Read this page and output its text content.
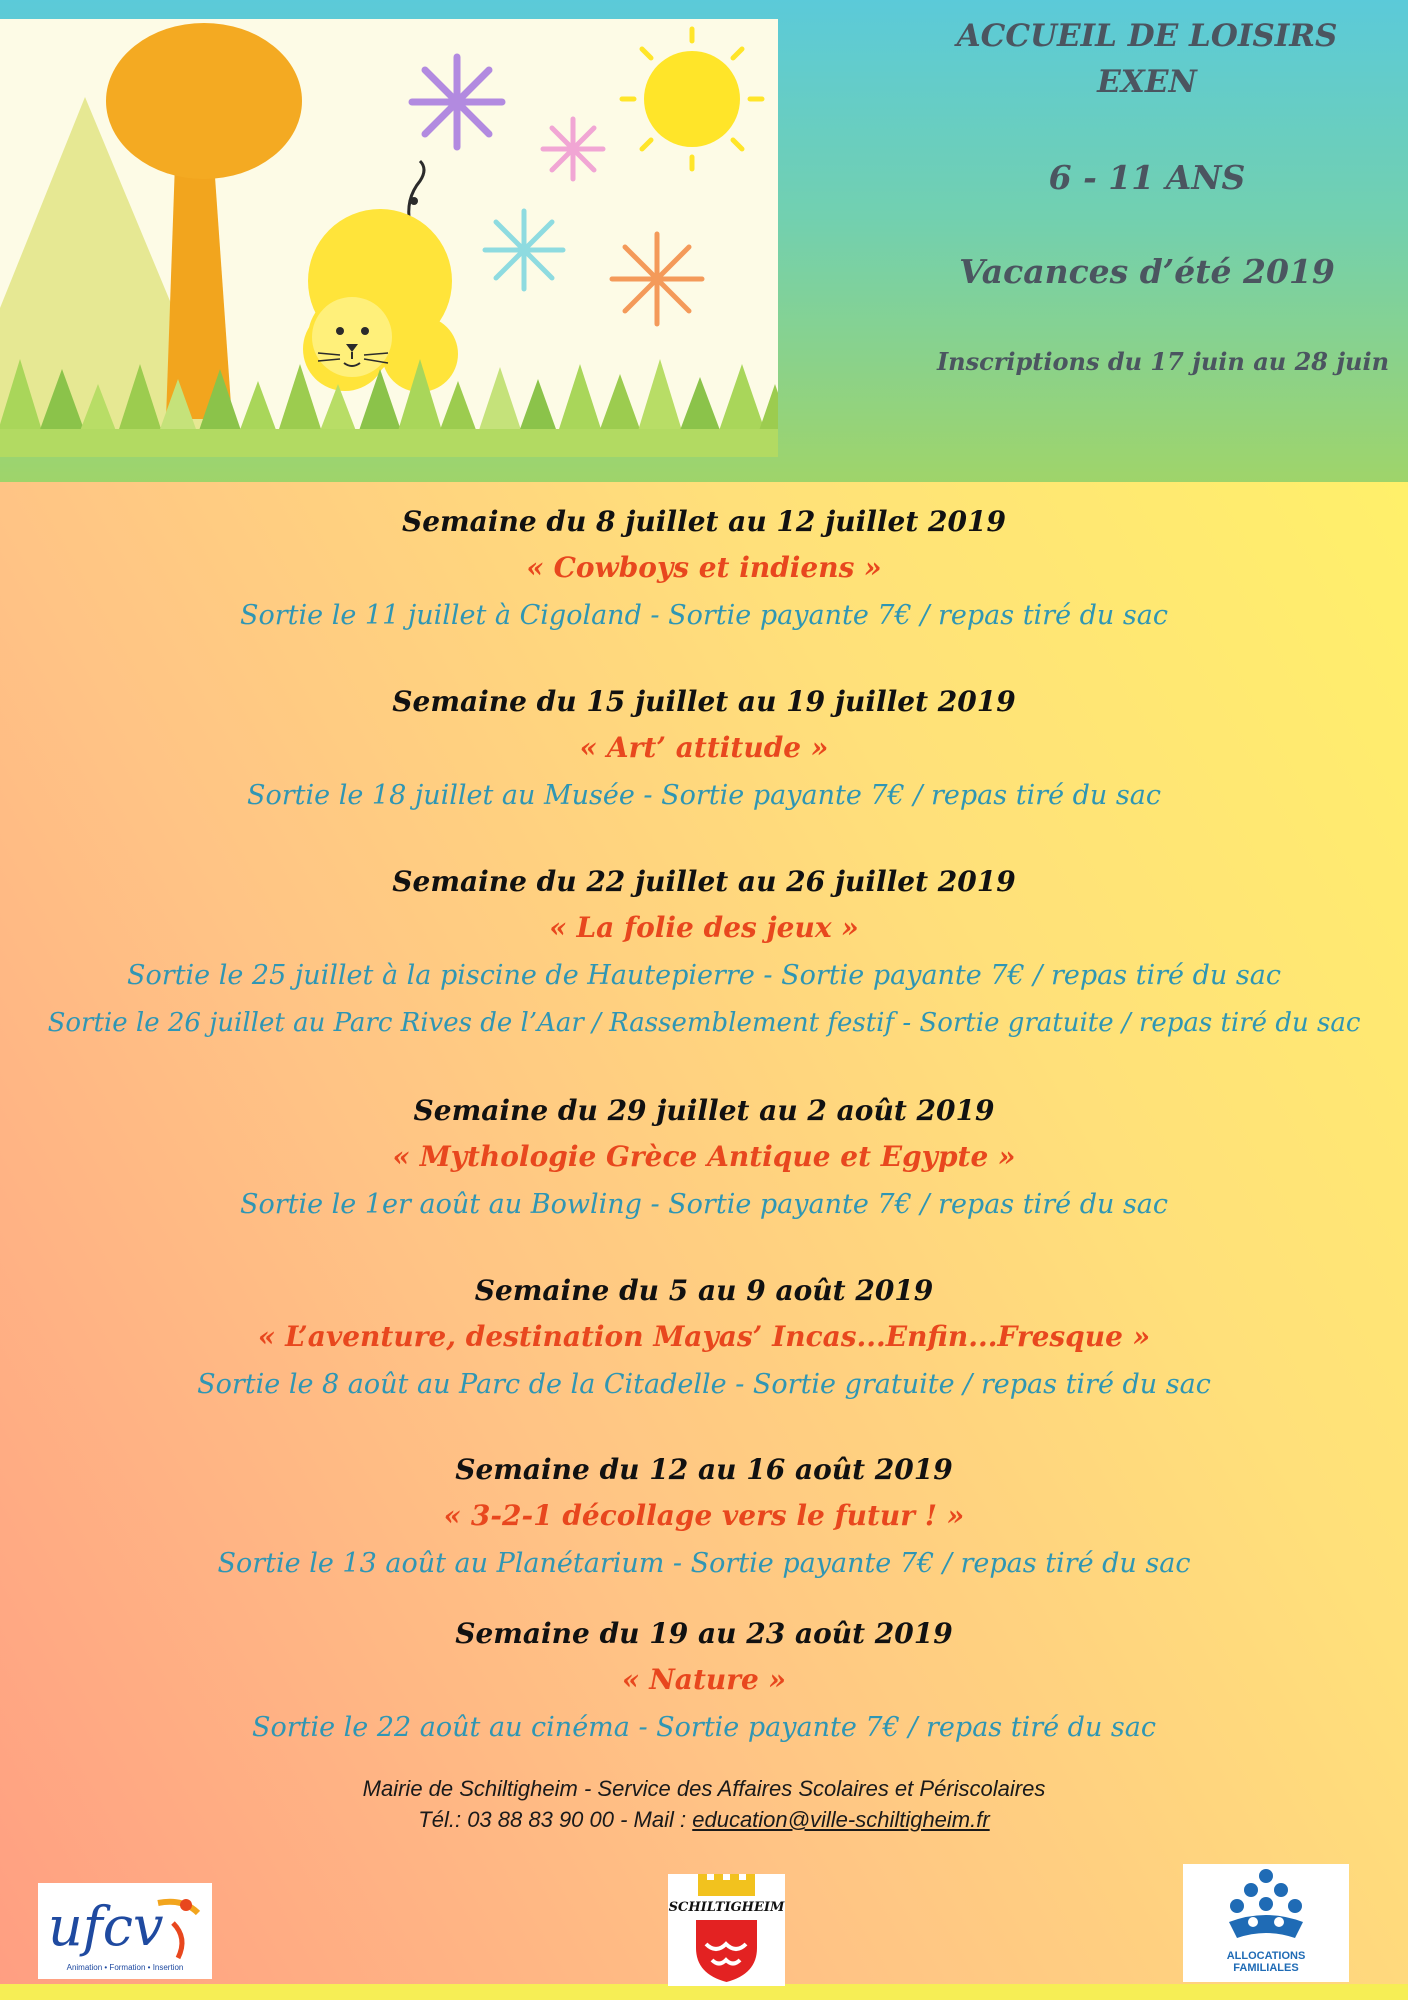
ACCUEIL DE LOISIRS
EXEN
6 - 11 ANS
Vacances d’été 2019
Inscriptions du 17 juin au 28 juin
Semaine du 8 juillet au 12 juillet 2019
« Cowboys et indiens »
Sortie le 11 juillet à Cigoland - Sortie payante 7€ / repas tiré du sac
Semaine du 15 juillet au 19 juillet 2019
« Art’ attitude »
Sortie le 18 juillet au Musée - Sortie payante 7€ / repas tiré du sac
Semaine du 22 juillet au 26 juillet 2019
« La folie des jeux »
Sortie le 25 juillet à la piscine de Hautepierre - Sortie payante 7€ / repas tiré du sac
Sortie le 26 juillet au Parc Rives de l’Aar / Rassemblement festif - Sortie gratuite / repas tiré du sac
Semaine du 29 juillet au 2 août 2019
« Mythologie Grèce Antique et Egypte »
Sortie le 1er août au Bowling - Sortie payante 7€ / repas tiré du sac
Semaine du 5 au 9 août 2019
« L’aventure, destination Mayas’ Incas...Enfin...Fresque »
Sortie le 8 août au Parc de la Citadelle - Sortie gratuite / repas tiré du sac
Semaine du 12 au 16 août 2019
« 3-2-1 décollage vers le futur ! »
Sortie le 13 août au Planétarium - Sortie payante 7€ / repas tiré du sac
Semaine du 19 au 23 août 2019
« Nature »
Sortie le 22 août au cinéma - Sortie payante 7€ / repas tiré du sac
Mairie de Schiltigheim - Service des Affaires Scolaires et Périscolaires
Tél.: 03 88 83 90 00 - Mail : education@ville-schiltigheim.fr
ufcv
Animation • Formation • Insertion
SCHILTIGHEIM
ALLOCATIONS
FAMILIALES
